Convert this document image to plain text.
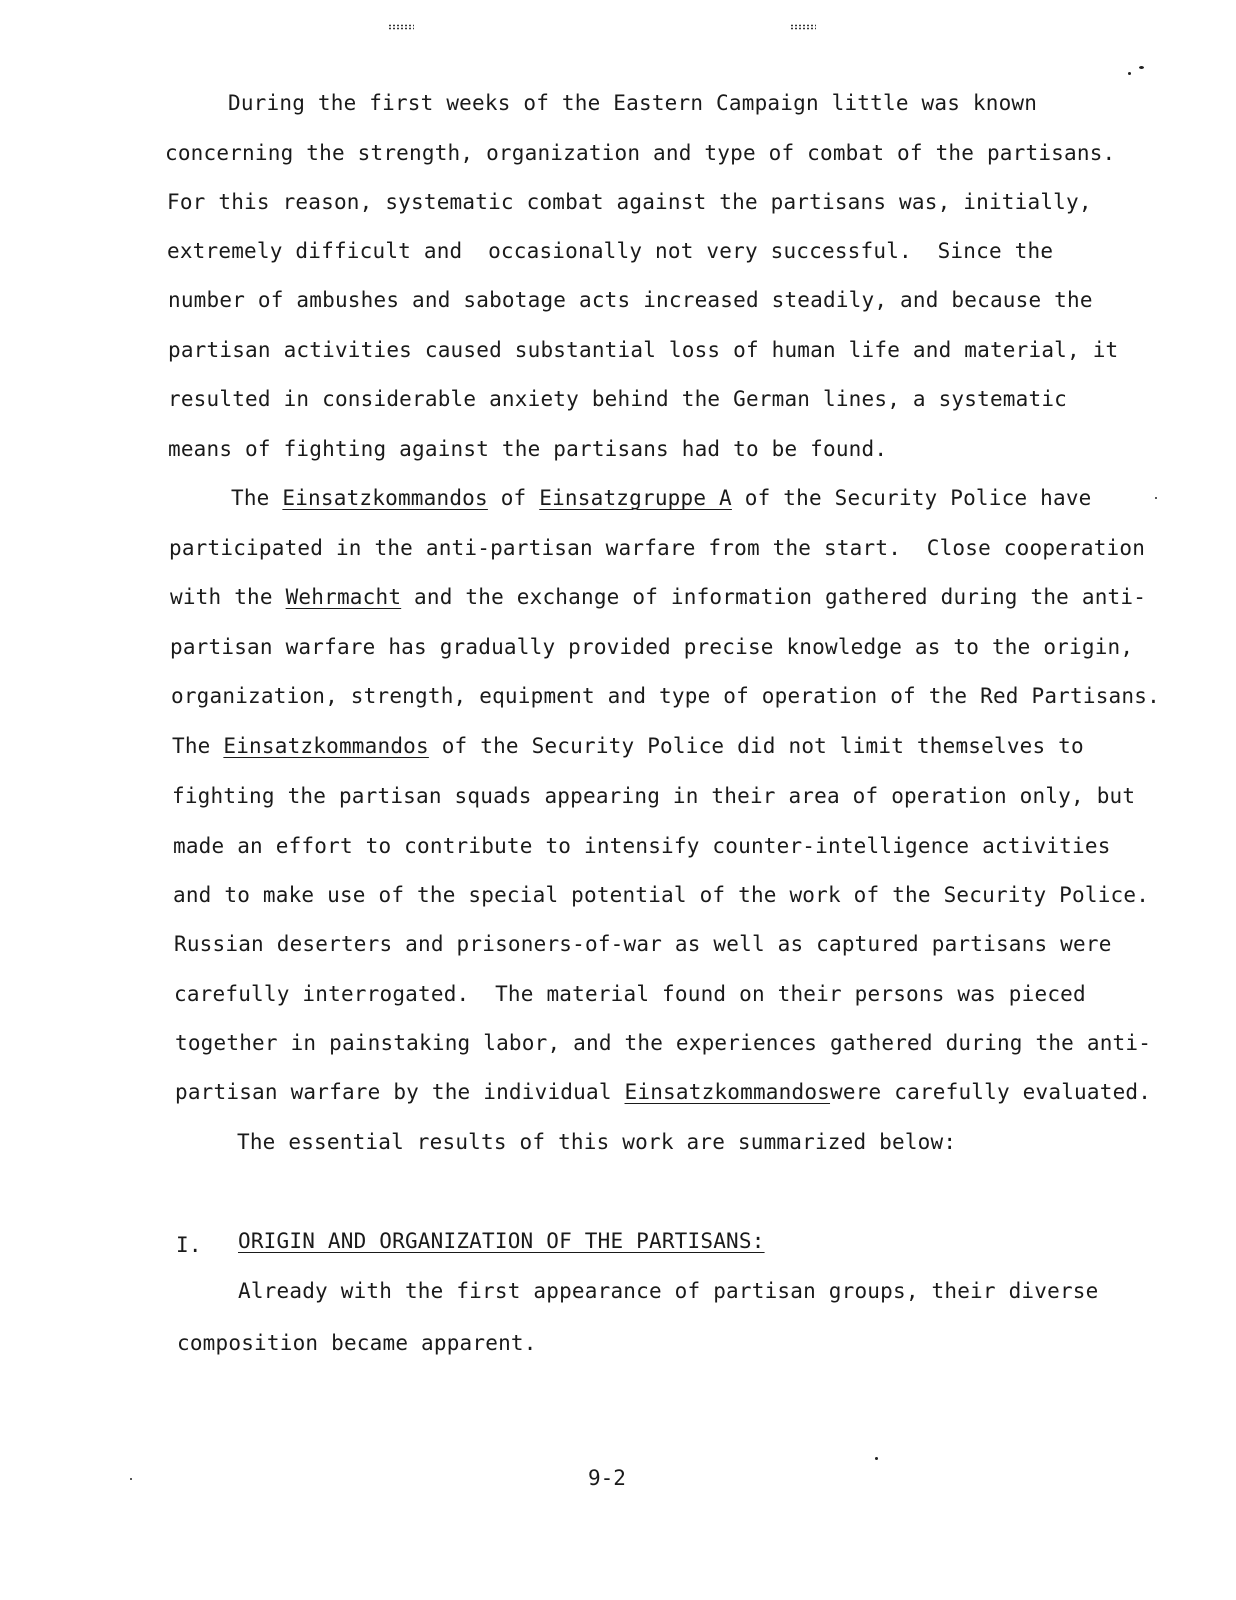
During the first weeks of the Eastern Campaign little was known
concerning the strength, organization and type of combat of the partisans.
For this reason, systematic combat against the partisans was, initially,
extremely difficult and  occasionally not very successful.  Since the
number of ambushes and sabotage acts increased steadily, and because the
partisan activities caused substantial loss of human life and material, it
resulted in considerable anxiety behind the German lines, a systematic
means of fighting against the partisans had to be found.
The Einsatzkommandos of Einsatzgruppe A of the Security Police have
participated in the anti-partisan warfare from the start.  Close cooperation
with the Wehrmacht and the exchange of information gathered during the anti-
partisan warfare has gradually provided precise knowledge as to the origin,
organization, strength, equipment and type of operation of the Red Partisans.
The Einsatzkommandos of the Security Police did not limit themselves to
fighting the partisan squads appearing in their area of operation only, but
made an effort to contribute to intensify counter-intelligence activities
and to make use of the special potential of the work of the Security Police.
Russian deserters and prisoners-of-war as well as captured partisans were
carefully interrogated.  The material found on their persons was pieced
together in painstaking labor, and the experiences gathered during the anti-
partisan warfare by the individual Einsatzkommandoswere carefully evaluated.
The essential results of this work are summarized below:
I. ORIGIN AND ORGANIZATION OF THE PARTISANS:
Already with the first appearance of partisan groups, their diverse
composition became apparent.
9-2
